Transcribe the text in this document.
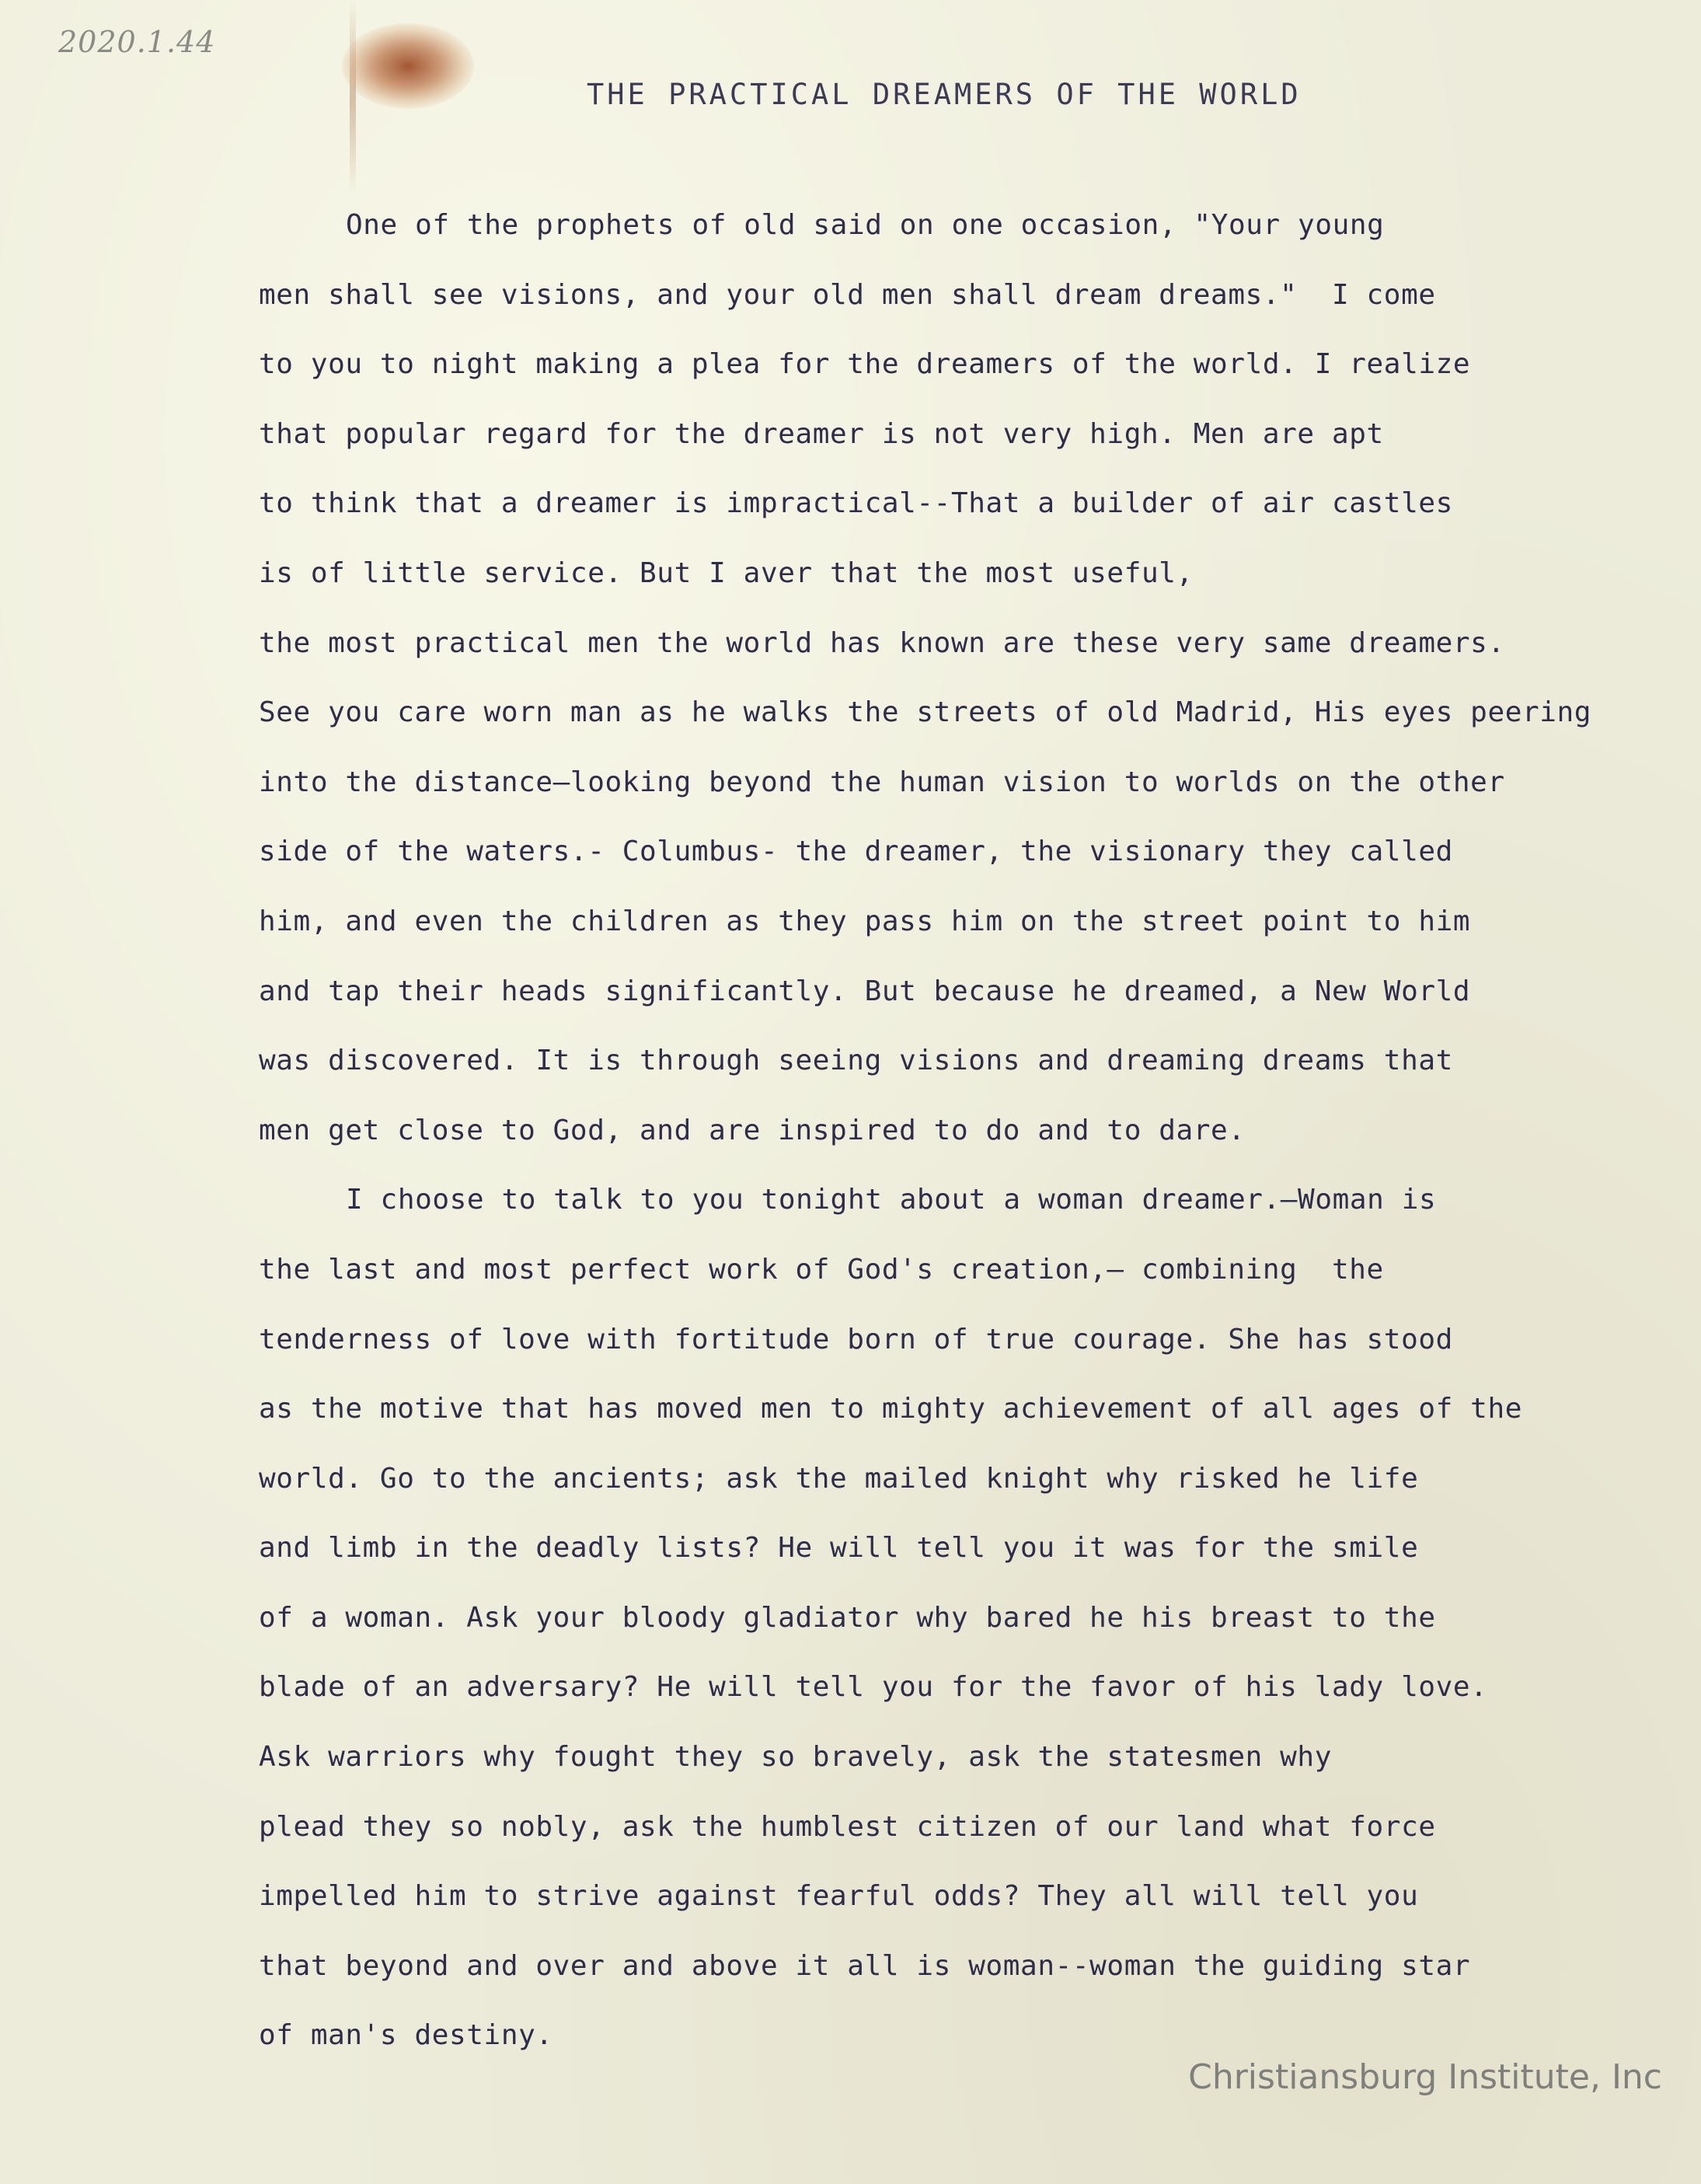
2020.1.44
THE PRACTICAL DREAMERS OF THE WORLD
One of the prophets of old said on one occasion, "Your young
men shall see visions, and your old men shall dream dreams."  I come
to you to night making a plea for the dreamers of the world. I realize
that popular regard for the dreamer is not very high. Men are apt
to think that a dreamer is impractical--That a builder of air castles
is of little service. But I aver that the most useful,
the most practical men the world has known are these very same dreamers.
See you care worn man as he walks the streets of old Madrid, His eyes peering
into the distance—looking beyond the human vision to worlds on the other
side of the waters.- Columbus- the dreamer, the visionary they called
him, and even the children as they pass him on the street point to him
and tap their heads significantly. But because he dreamed, a New World
was discovered. It is through seeing visions and dreaming dreams that
men get close to God, and are inspired to do and to dare.
I choose to talk to you tonight about a woman dreamer.—Woman is
the last and most perfect work of God's creation,— combining  the
tenderness of love with fortitude born of true courage. She has stood
as the motive that has moved men to mighty achievement of all ages of the
world. Go to the ancients; ask the mailed knight why risked he life
and limb in the deadly lists? He will tell you it was for the smile
of a woman. Ask your bloody gladiator why bared he his breast to the
blade of an adversary? He will tell you for the favor of his lady love.
Ask warriors why fought they so bravely, ask the statesmen why
plead they so nobly, ask the humblest citizen of our land what force
impelled him to strive against fearful odds? They all will tell you
that beyond and over and above it all is woman--woman the guiding star
of man's destiny.
Christiansburg Institute, Inc
